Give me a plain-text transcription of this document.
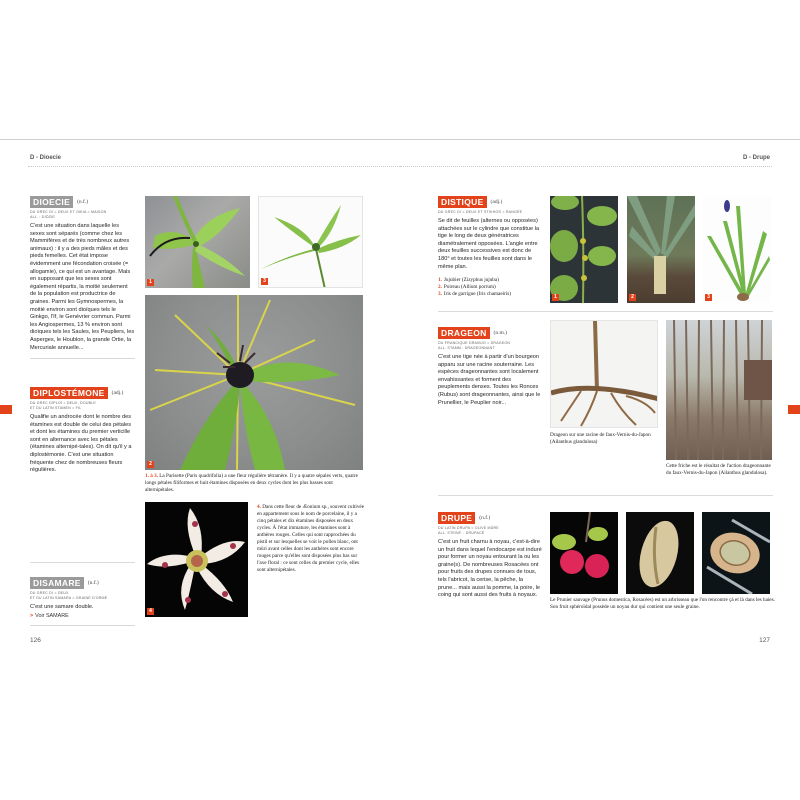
D - Dioecie
DIOECIE	(n.f.)
DU GREC DI = DEUX ET OIKIA = MAISON
ALL. : DIÖZIE
C'est une situation dans laquelle les sexes sont séparés (comme chez les Mammifères et de très nombreux autres animaux) : il y a des pieds mâles et des pieds femelles. Cet état impose évidemment une fécondation croisée (= allogamie), ce qui est un avantage. Mais en supposant que les sexes sont également répartis, la moitié seulement de la population est productrice de graines. Parmi les Gymnospermes, la moitié environ sont dioïques tels le Ginkgo, l'If, le Genévrier commun. Parmi les Angiospermes, 13 % environ sont dioïques tels les Saules, les Peupliers, les Asperges, le Houblon, la grande Ortie, la Mercuriale annuelle...
DIPLOSTÉMONE	(adj.)
DU GREC DIPLOÏ = DEUX, DOUBLE
ET DU LATIN STAMEN = FIL
Qualifie un androcée dont le nombre des étamines est double de celui des pétales et dont les étamines du premier verticille sont en alternance avec les pétales (étamines alternipé-tales). On dit qu'il y a diplostémonie. C'est une situation fréquente chez de nombreuses fleurs régulières.
DISAMARE	(n.f.)
DU GREC DI = DEUX
ET DU LATIN SAMARA = GRAINE D'ORME
C'est une samare double.
> Voir SAMARE
1	3
2
1. à 3. La Parisette (Paris quadrifolia) a une fleur régulière tétramère. Il y a quatre sépales verts, quatre longs pétales filiformes et huit étamines disposées en deux cycles dont les plus basses sont alternipétales.
4
4. Dans cette fleur de Æonium sp., souvent cultivée en appartement sous le nom de porcelaine, il y a cinq pétales et dix étamines disposées en deux cycles. À l'état immature, les étamines sont à anthères rouges. Celles qui sont rapprochées du pistil et sur lesquelles se voit le pollen blanc, ont mûri avant celles dont les anthères sont encore rouges parce qu'elles sont disposées plus bas sur l'axe floral : ce sont celles du premier cycle, elles sont alternipétales.
126
D - Drupe
DISTIQUE	(adj.)
DU GREC DI = DEUX ET STIKHOS = RANGÉE
Se dit de feuilles (alternes ou opposées) attachées sur le cylindre que constitue la tige le long de deux génératrices diamétralement opposées. L'angle entre deux feuilles successives est donc de 180° et toutes les feuilles sont dans le même plan.
1. Jujubier (Zizyphus jujuba)
2. Poireau (Allium porrum)
3. Iris de garrigue (Iris chamaeiris)	1	2	3
DRAGEON	(n.m.)
DU FRANCIQUE DRAIBJO = DRAGEON
ALL. STAMM : DRAGEONNANT
C'est une tige née à partir d'un bourgeon apparu sur une racine souterraine. Les espèces drageonnantes sont localement envahissantes et forment des peuplements denses. Toutes les Ronces (Rubus) sont drageonnantes, ainsi que le Prunellier, le Peuplier noir...
Drageon sur une racine de faux-Vernis-du-Japon (Ailanthus glandulosa)
Cette friche est le résultat de l'action drageonnante du faux-Vernis-du-Japon (Ailanthus glandulosa).
DRUPE	(n.f.)
DU LATIN DRUPA = OLIVE MÛRE
ALL. STEINF. : DRUPACÉ
C'est un fruit charnu à noyau, c'est-à-dire un fruit dans lequel l'endocarpe est induré pour former un noyau entourant la ou les graine(s). De nombreuses Rosacées ont pour fruits des drupes connues de tous, tels l'abricot, la cerise, la pêche, la prune... mais aussi la pomme, la poire, le coing qui sont aussi des fruits à noyaux.
Le Prunier sauvage (Prunus domestica, Rosacées) est un arbrisseau que l'on rencontre çà et là dans les haies. Son fruit sphéroïdal possède un noyau dur qui contient une seule graine.
127
